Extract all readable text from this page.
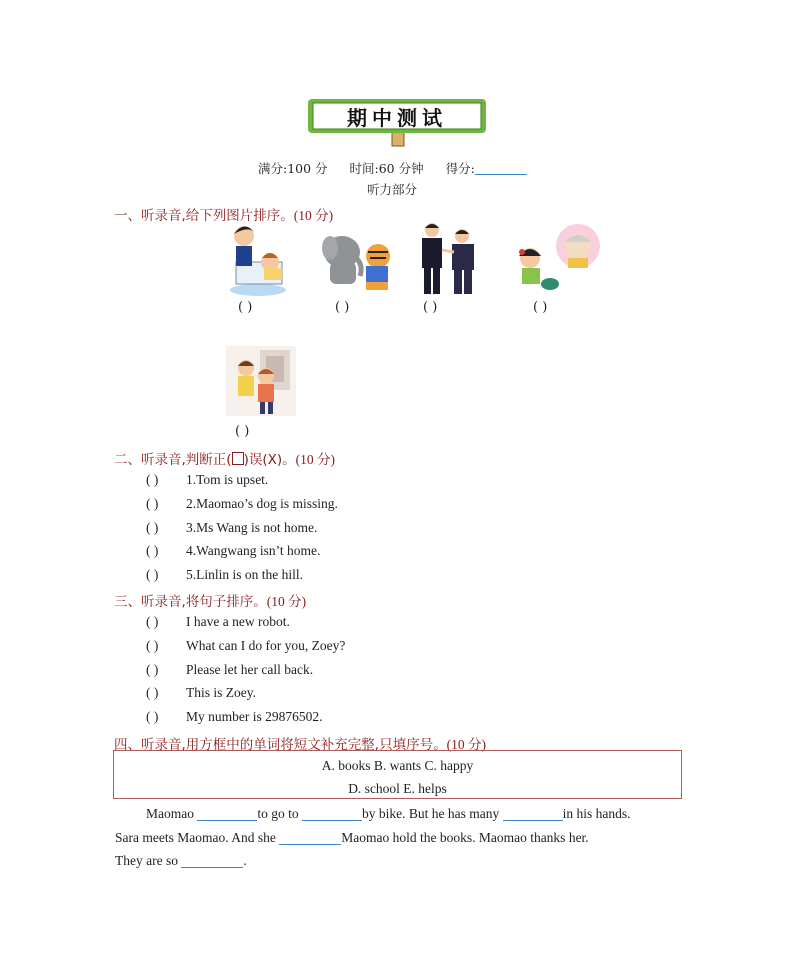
期中测试
满分:100 分 时间:60 分钟 得分:
听力部分
一、听录音,给下列图片排序。(10 分)
( )	( )	( )	( )
( )
二、听录音,判断正( )误(X)。(10 分)
( ) 1.Tom is upset.
( ) 2.Maomao’s dog is missing.
( ) 3.Ms Wang is not home.
( ) 4.Wangwang isn’t home.
( ) 5.Linlin is on the hill.
三、听录音,将句子排序。(10 分)
( ) I have a new robot.
( ) What can I do for you, Zoey?
( ) Please let her call back.
( ) This is Zoey.
( ) My number is 29876502.
四、听录音,用方框中的单词将短文补充完整,只填序号。(10 分)
A. books B. wants C. happy
D. school E. helps
Maomao	to go to	by bike. But he has many	in his hands.
Sara meets Maomao. And she	Maomao hold the books. Maomao thanks her.
They are so	.
